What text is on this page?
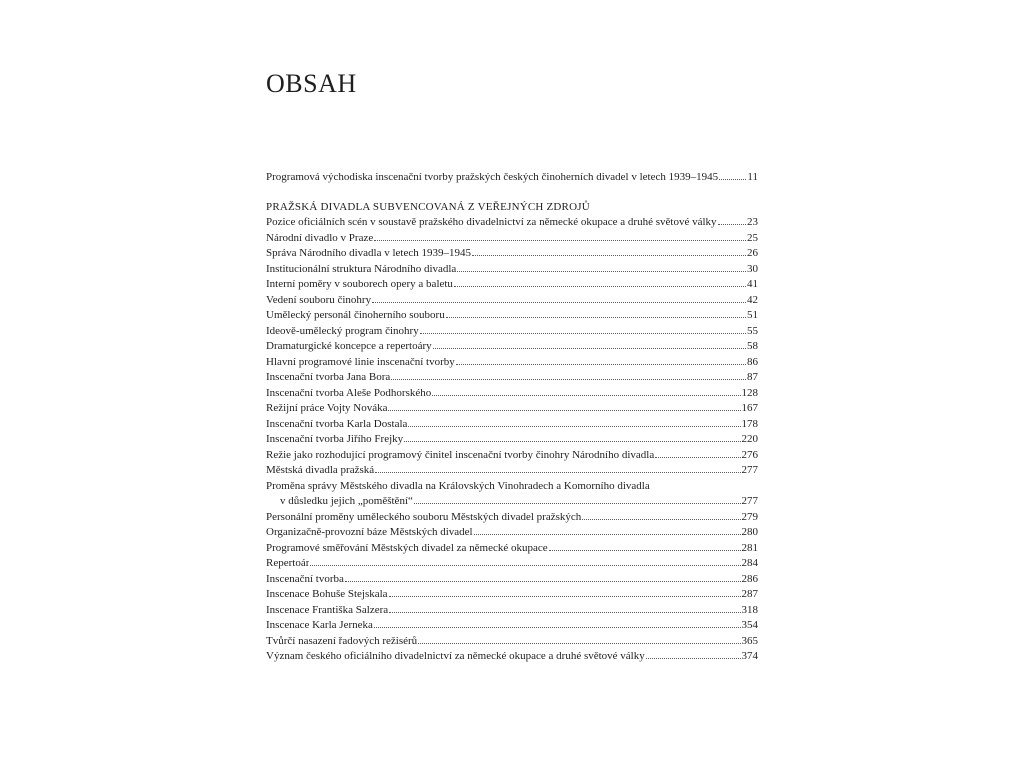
OBSAH
Programová východiska inscenační tvorby pražských českých činoherních divadel v letech 1939–1945	11
PRAŽSKÁ DIVADLA SUBVENCOVANÁ Z VEŘEJNÝCH ZDROJŮ
Pozice oficiálních scén v soustavě pražského divadelnictví za německé okupace a druhé světové války	23
Národní divadlo v Praze	25
Správa Národního divadla v letech 1939–1945	26
Institucionální struktura Národního divadla	30
Interní poměry v souborech opery a baletu	41
Vedení souboru činohry	42
Umělecký personál činoherního souboru	51
Ideově-umělecký program činohry	55
Dramaturgické koncepce a repertoáry	58
Hlavní programové linie inscenační tvorby	86
Inscenační tvorba Jana Bora	87
Inscenační tvorba Aleše Podhorského	128
Režijní práce Vojty Nováka	167
Inscenační tvorba Karla Dostala	178
Inscenační tvorba Jiřího Frejky	220
Režie jako rozhodující programový činitel inscenační tvorby činohry Národního divadla	276
Městská divadla pražská	277
Proměna správy Městského divadla na Královských Vinohradech a Komorního divadla
v důsledku jejich „poměštění“	277
Personální proměny uměleckého souboru Městských divadel pražských	279
Organizačně-provozní báze Městských divadel	280
Programové směřování Městských divadel za německé okupace	281
Repertoár	284
Inscenační tvorba	286
Inscenace Bohuše Stejskala	287
Inscenace Františka Salzera	318
Inscenace Karla Jerneka	354
Tvůrčí nasazení řadových režisérů	365
Význam českého oficiálního divadelnictví za německé okupace a druhé světové války	374
